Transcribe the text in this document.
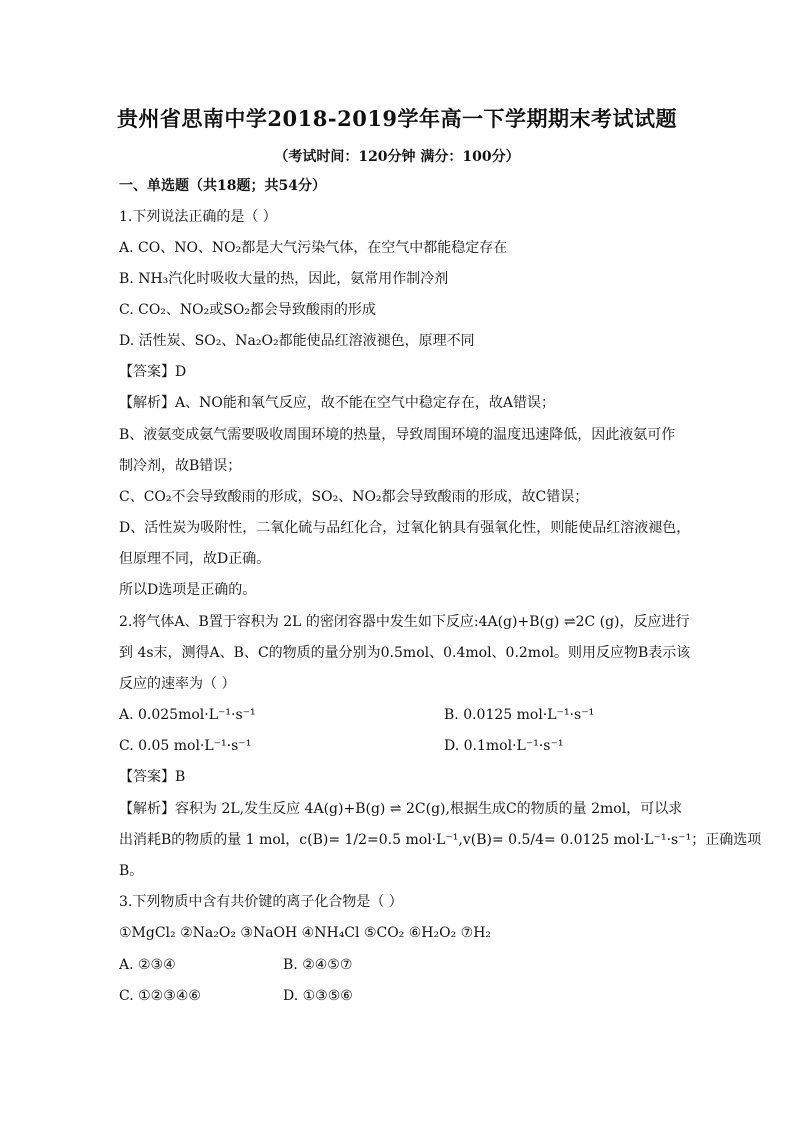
贵州省思南中学2018-2019学年高一下学期期末考试试题
（考试时间：120分钟 满分：100分）
一、单选题（共18题；共54分）
1.下列说法正确的是（ ）
A. CO、NO、NO₂都是大气污染气体，在空气中都能稳定存在
B. NH₃汽化时吸收大量的热，因此，氨常用作制冷剂
C. CO₂、NO₂或SO₂都会导致酸雨的形成
D. 活性炭、SO₂、Na₂O₂都能使品红溶液褪色，原理不同
【答案】D
【解析】A、NO能和氧气反应，故不能在空气中稳定存在，故A错误；
B、液氨变成氨气需要吸收周围环境的热量，导致周围环境的温度迅速降低，因此液氨可作
制冷剂，故B错误；
C、CO₂不会导致酸雨的形成，SO₂、NO₂都会导致酸雨的形成，故C错误；
D、活性炭为吸附性，二氧化硫与品红化合，过氧化钠具有强氧化性，则能使品红溶液褪色，
但原理不同，故D正确。
所以D选项是正确的。
2.将气体A、B置于容积为 2L 的密闭容器中发生如下反应:4A(g)+B(g) ⇌2C (g)，反应进行
到 4s末，测得A、B、C的物质的量分别为0.5mol、0.4mol、0.2mol。则用反应物B表示该
反应的速率为（ ）
A. 0.025mol·L⁻¹·s⁻¹	B. 0.0125 mol·L⁻¹·s⁻¹
C. 0.05 mol·L⁻¹·s⁻¹	D. 0.1mol·L⁻¹·s⁻¹
【答案】B
【解析】容积为 2L,发生反应 4A(g)+B(g) ⇌ 2C(g),根据生成C的物质的量 2mol，可以求
出消耗B的物质的量 1 mol，c(B)= 1/2=0.5 mol·L⁻¹,v(B)= 0.5/4= 0.0125 mol·L⁻¹·s⁻¹；正确选项
B。
3.下列物质中含有共价键的离子化合物是（ ）
①MgCl₂ ②Na₂O₂ ③NaOH ④NH₄Cl ⑤CO₂ ⑥H₂O₂ ⑦H₂
A. ②③④	B. ②④⑤⑦
C. ①②③④⑥	D. ①③⑤⑥
